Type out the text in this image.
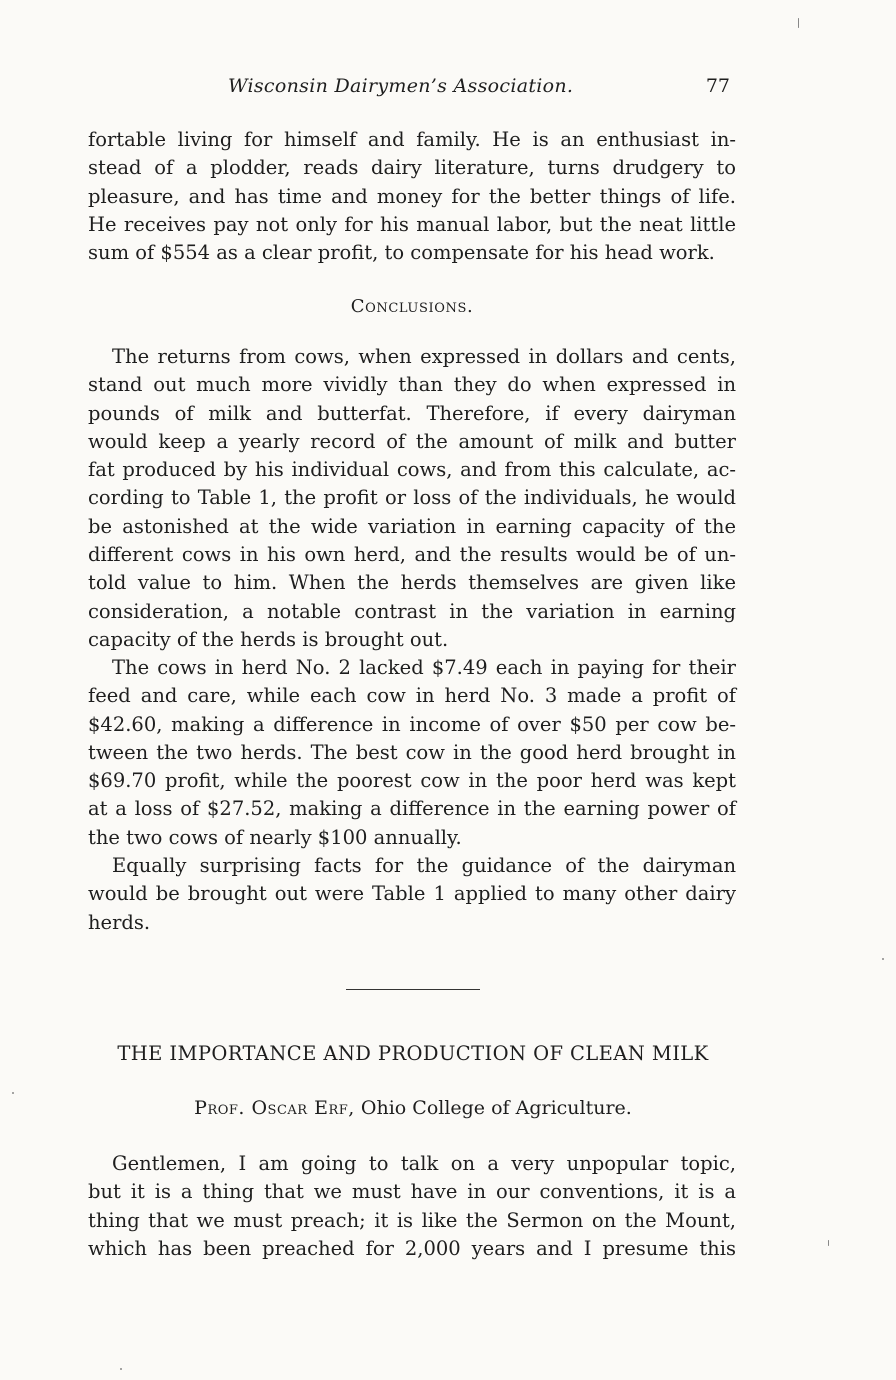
Wisconsin Dairymen’s Association.	77
fortable living for himself and family. He is an enthusiast in-
stead of a plodder, reads dairy literature, turns drudgery to
pleasure, and has time and money for the better things of life.
He receives pay not only for his manual labor, but the neat little
sum of $554 as a clear profit, to compensate for his head work.
Conclusions.
The returns from cows, when expressed in dollars and cents,
stand out much more vividly than they do when expressed in
pounds of milk and butterfat. Therefore, if every dairyman
would keep a yearly record of the amount of milk and butter
fat produced by his individual cows, and from this calculate, ac-
cording to Table 1, the profit or loss of the individuals, he would
be astonished at the wide variation in earning capacity of the
different cows in his own herd, and the results would be of un-
told value to him. When the herds themselves are given like
consideration, a notable contrast in the variation in earning
capacity of the herds is brought out.
The cows in herd No. 2 lacked $7.49 each in paying for their
feed and care, while each cow in herd No. 3 made a profit of
$42.60, making a difference in income of over $50 per cow be-
tween the two herds. The best cow in the good herd brought in
$69.70 profit, while the poorest cow in the poor herd was kept
at a loss of $27.52, making a difference in the earning power of
the two cows of nearly $100 annually.
Equally surprising facts for the guidance of the dairyman
would be brought out were Table 1 applied to many other dairy
herds.
THE IMPORTANCE AND PRODUCTION OF CLEAN MILK
Prof. Oscar Erf, Ohio College of Agriculture.
Gentlemen, I am going to talk on a very unpopular topic,
but it is a thing that we must have in our conventions, it is a
thing that we must preach; it is like the Sermon on the Mount,
which has been preached for 2,000 years and I presume this
